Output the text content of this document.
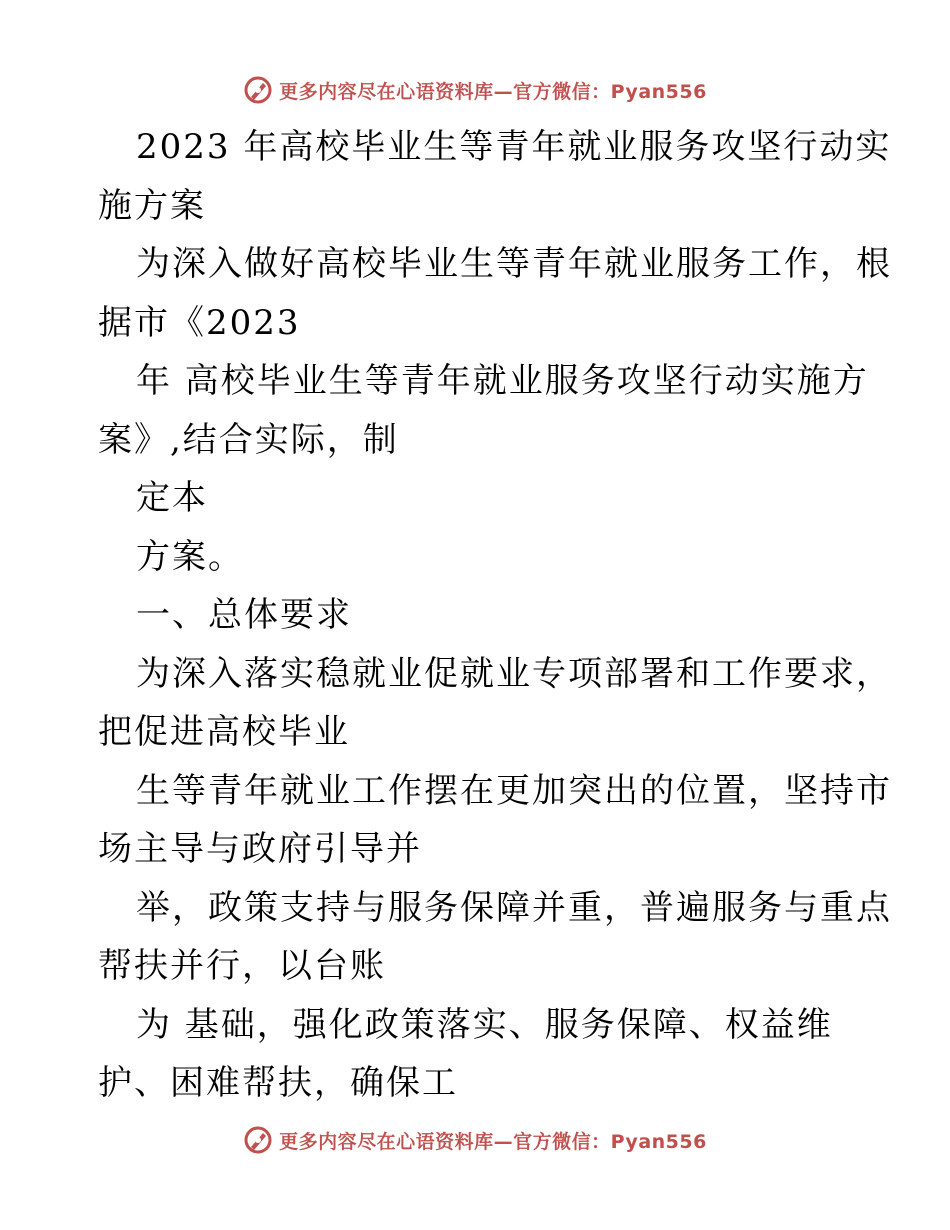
更多内容尽在心语资料库—官方微信：Pyan556
2023 年高校毕业生等青年就业服务攻坚行动实
施方案
为深入做好高校毕业生等青年就业服务工作，根
据市《2023
年 高校毕业生等青年就业服务攻坚行动实施方
案》,结合实际，制
定本
方案。
一、总体要求
为深入落实稳就业促就业专项部署和工作要求，
把促进高校毕业
生等青年就业工作摆在更加突出的位置，坚持市
场主导与政府引导并
举，政策支持与服务保障并重，普遍服务与重点
帮扶并行，以台账
为 基础，强化政策落实、服务保障、权益维
护、困难帮扶，确保工
更多内容尽在心语资料库—官方微信：Pyan556
